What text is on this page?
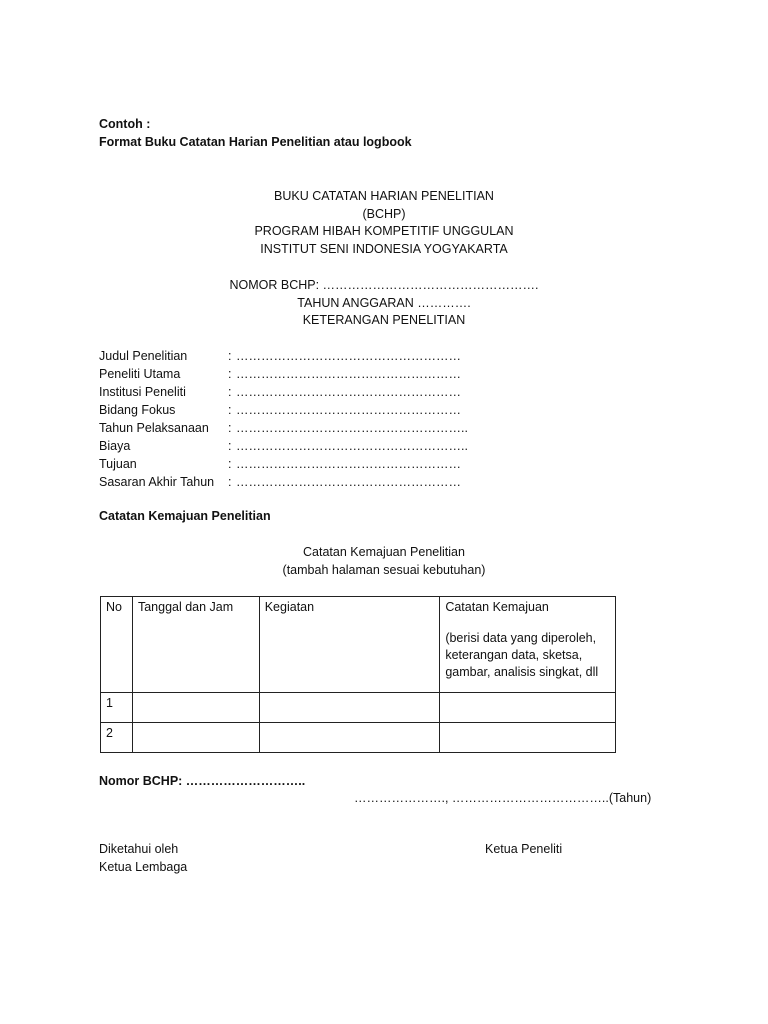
Contoh :
Format Buku Catatan Harian Penelitian atau logbook
BUKU CATATAN HARIAN PENELITIAN
(BCHP)
PROGRAM HIBAH KOMPETITIF UNGGULAN
INSTITUT SENI INDONESIA YOGYAKARTA
NOMOR BCHP: …………………………………………….
TAHUN ANGGARAN ………….
KETERANGAN PENELITIAN
Judul Penelitian	: ………………………………………………
Peneliti Utama	: ………………………………………………
Institusi Peneliti	: ………………………………………………
Bidang Fokus	: ………………………………………………
Tahun Pelaksanaan	: ………………………………………………..
Biaya	: ………………………………………………..
Tujuan	: ………………………………………………
Sasaran Akhir Tahun	: ………………………………………………
Catatan Kemajuan Penelitian
Catatan Kemajuan Penelitian
(tambah halaman sesuai kebutuhan)
No	Tanggal dan Jam	Kegiatan	Catatan Kemajuan
(berisi data yang diperoleh,
keterangan data, sketsa,
gambar, analisis singkat, dll

1			
2			
Nomor BCHP: ………………………..
…………………., ………………………………..(Tahun)
Diketahui oleh
Ketua Lembaga
Ketua Peneliti
